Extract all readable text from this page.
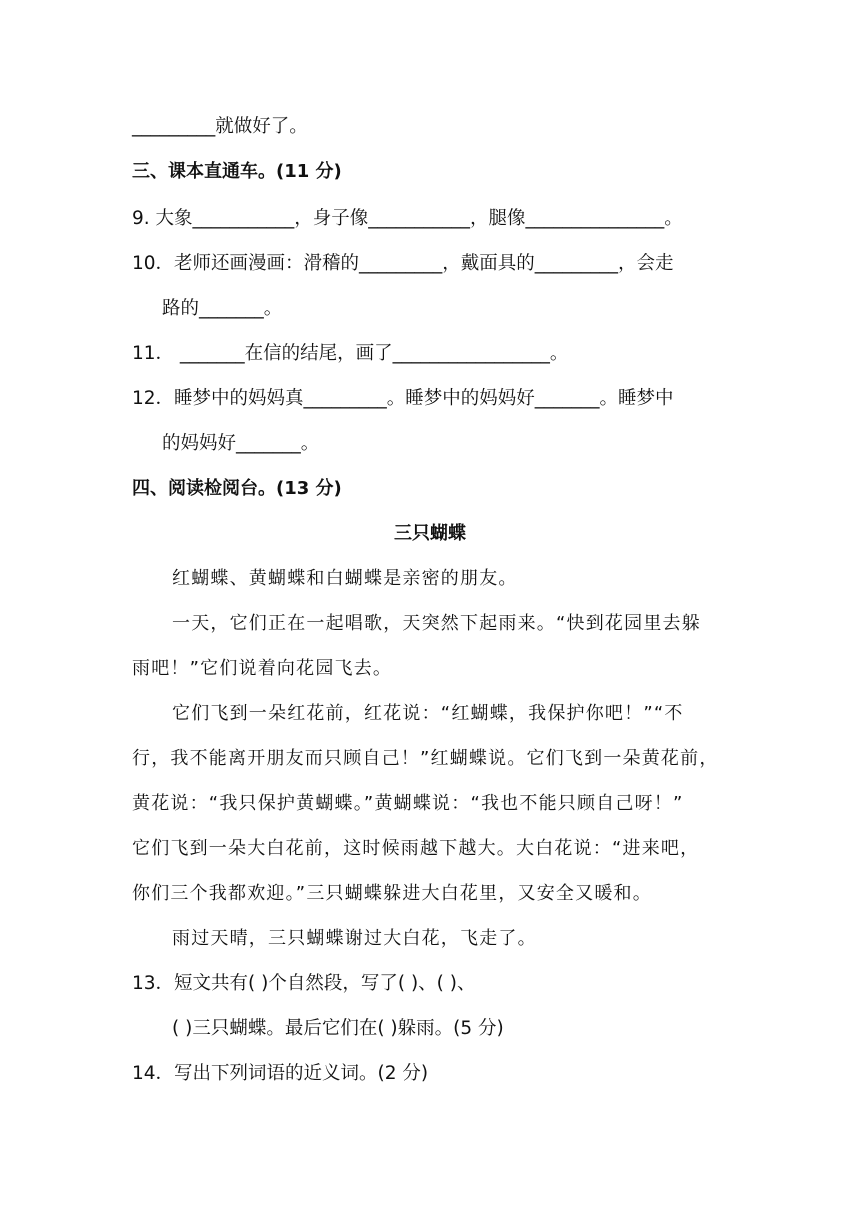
_________就做好了。
三、课本直通车。(11 分)
9. 大象___________，身子像___________，腿像_______________。
10．老师还画漫画：滑稽的_________，戴面具的_________，会走
路的_______。
11． _______在信的结尾，画了_________________。
12．睡梦中的妈妈真_________。睡梦中的妈妈好_______。睡梦中
的妈妈好_______。
四、阅读检阅台。(13 分)
三只蝴蝶
红蝴蝶、黄蝴蝶和白蝴蝶是亲密的朋友。
一天，它们正在一起唱歌，天突然下起雨来。“快到花园里去躲
雨吧！”它们说着向花园飞去。
它们飞到一朵红花前，红花说：“红蝴蝶，我保护你吧！”“不
行，我不能离开朋友而只顾自己！”红蝴蝶说。它们飞到一朵黄花前，
黄花说：“我只保护黄蝴蝶。”黄蝴蝶说：“我也不能只顾自己呀！”
它们飞到一朵大白花前，这时候雨越下越大。大白花说：“进来吧，
你们三个我都欢迎。”三只蝴蝶躲进大白花里，又安全又暖和。
雨过天晴，三只蝴蝶谢过大白花，飞走了。
13．短文共有( )个自然段，写了( )、( )、
( )三只蝴蝶。最后它们在( )躲雨。(5 分)
14．写出下列词语的近义词。(2 分)
